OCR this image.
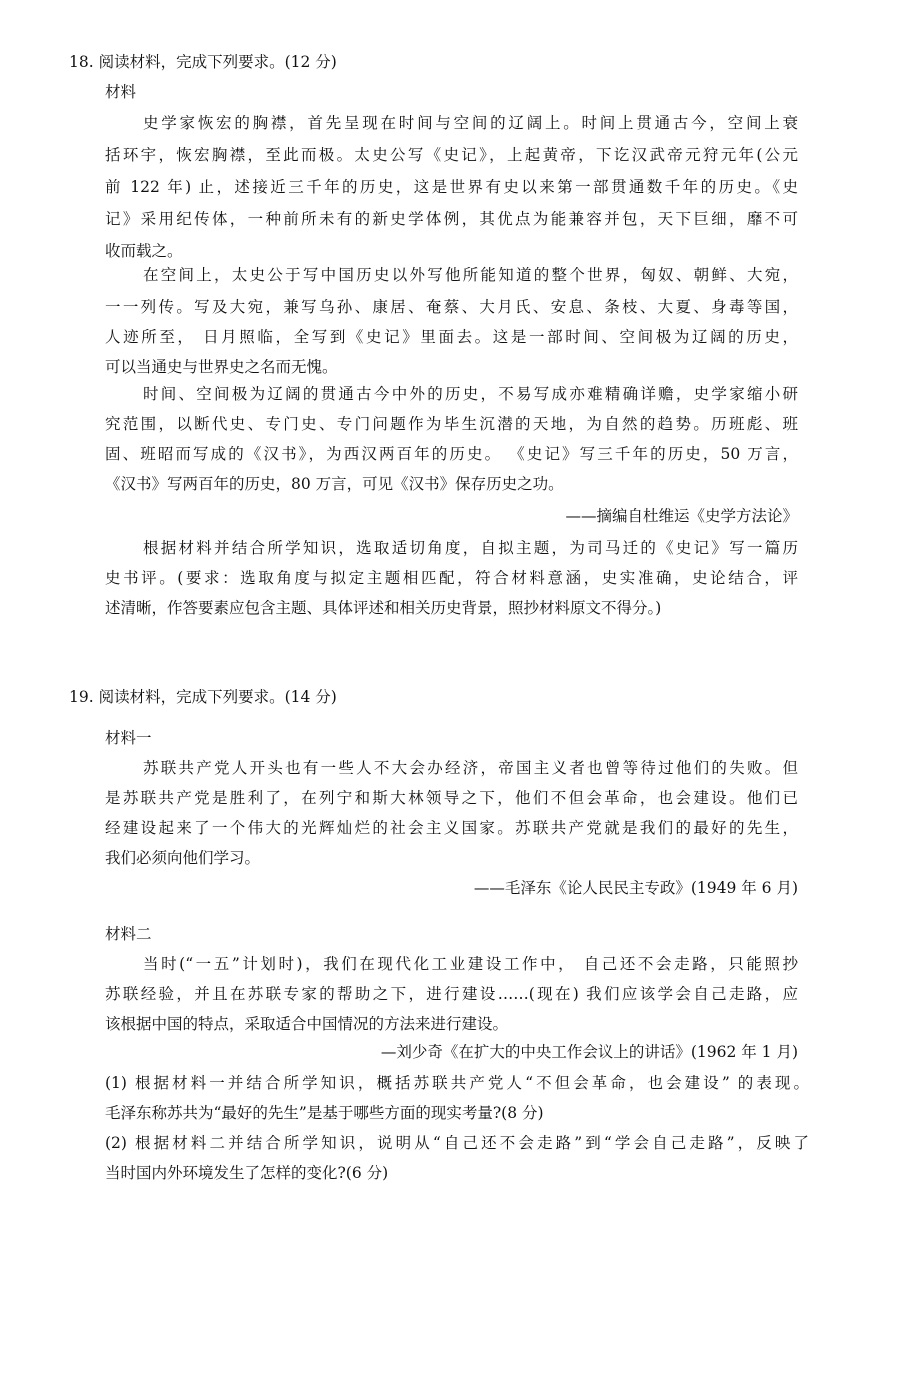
18. 阅读材料，完成下列要求。(12 分)
材料
史学家恢宏的胸襟，首先呈现在时间与空间的辽阔上。时间上贯通古今，空间上衰
括环宇，恢宏胸襟，至此而极。太史公写《史记》，上起黄帝，下讫汉武帝元狩元年(公元
前 122 年) 止，述接近三千年的历史，这是世界有史以来第一部贯通数千年的历史。《史
记》采用纪传体，一种前所未有的新史学体例，其优点为能兼容并包，天下巨细，靡不可
收而载之。
在空间上，太史公于写中国历史以外写他所能知道的整个世界，匈奴、朝鲜、大宛，
一一列传。写及大宛，兼写乌孙、康居、奄蔡、大月氏、安息、条枝、大夏、身毒等国，
人迹所至， 日月照临，全写到《史记》里面去。这是一部时间、空间极为辽阔的历史，
可以当通史与世界史之名而无愧。
时间、空间极为辽阔的贯通古今中外的历史，不易写成亦难精确详赡，史学家缩小研
究范围，以断代史、专门史、专门问题作为毕生沉潜的天地，为自然的趋势。历班彪、班
固、班昭而写成的《汉书》，为西汉两百年的历史。 《史记》写三千年的历史，50 万言，
《汉书》写两百年的历史，80 万言，可见《汉书》保存历史之功。
——摘编自杜维运《史学方法论》
根据材料并结合所学知识，选取适切角度，自拟主题，为司马迁的《史记》写一篇历
史书评。(要求：选取角度与拟定主题相匹配，符合材料意涵，史实准确，史论结合，评
述清晰，作答要素应包含主题、具体评述和相关历史背景，照抄材料原文不得分。)
19. 阅读材料，完成下列要求。(14 分)
材料一
苏联共产党人开头也有一些人不大会办经济，帝国主义者也曾等待过他们的失败。但
是苏联共产党是胜利了，在列宁和斯大林领导之下，他们不但会革命，也会建设。他们已
经建设起来了一个伟大的光辉灿烂的社会主义国家。苏联共产党就是我们的最好的先生，
我们必须向他们学习。
——毛泽东《论人民民主专政》(1949 年 6 月)
材料二
当时(“一五”计划时)，我们在现代化工业建设工作中， 自己还不会走路，只能照抄
苏联经验，并且在苏联专家的帮助之下，进行建设……(现在) 我们应该学会自己走路，应
该根据中国的特点，采取适合中国情况的方法来进行建设。
—刘少奇《在扩大的中央工作会议上的讲话》(1962 年 1 月)
(1) 根据材料一并结合所学知识，概括苏联共产党人“不但会革命，也会建设” 的表现。
毛泽东称苏共为“最好的先生”是基于哪些方面的现实考量?(8 分)
(2) 根据材料二并结合所学知识，说明从“自己还不会走路”到“学会自己走路”，反映了
当时国内外环境发生了怎样的变化?(6 分)
